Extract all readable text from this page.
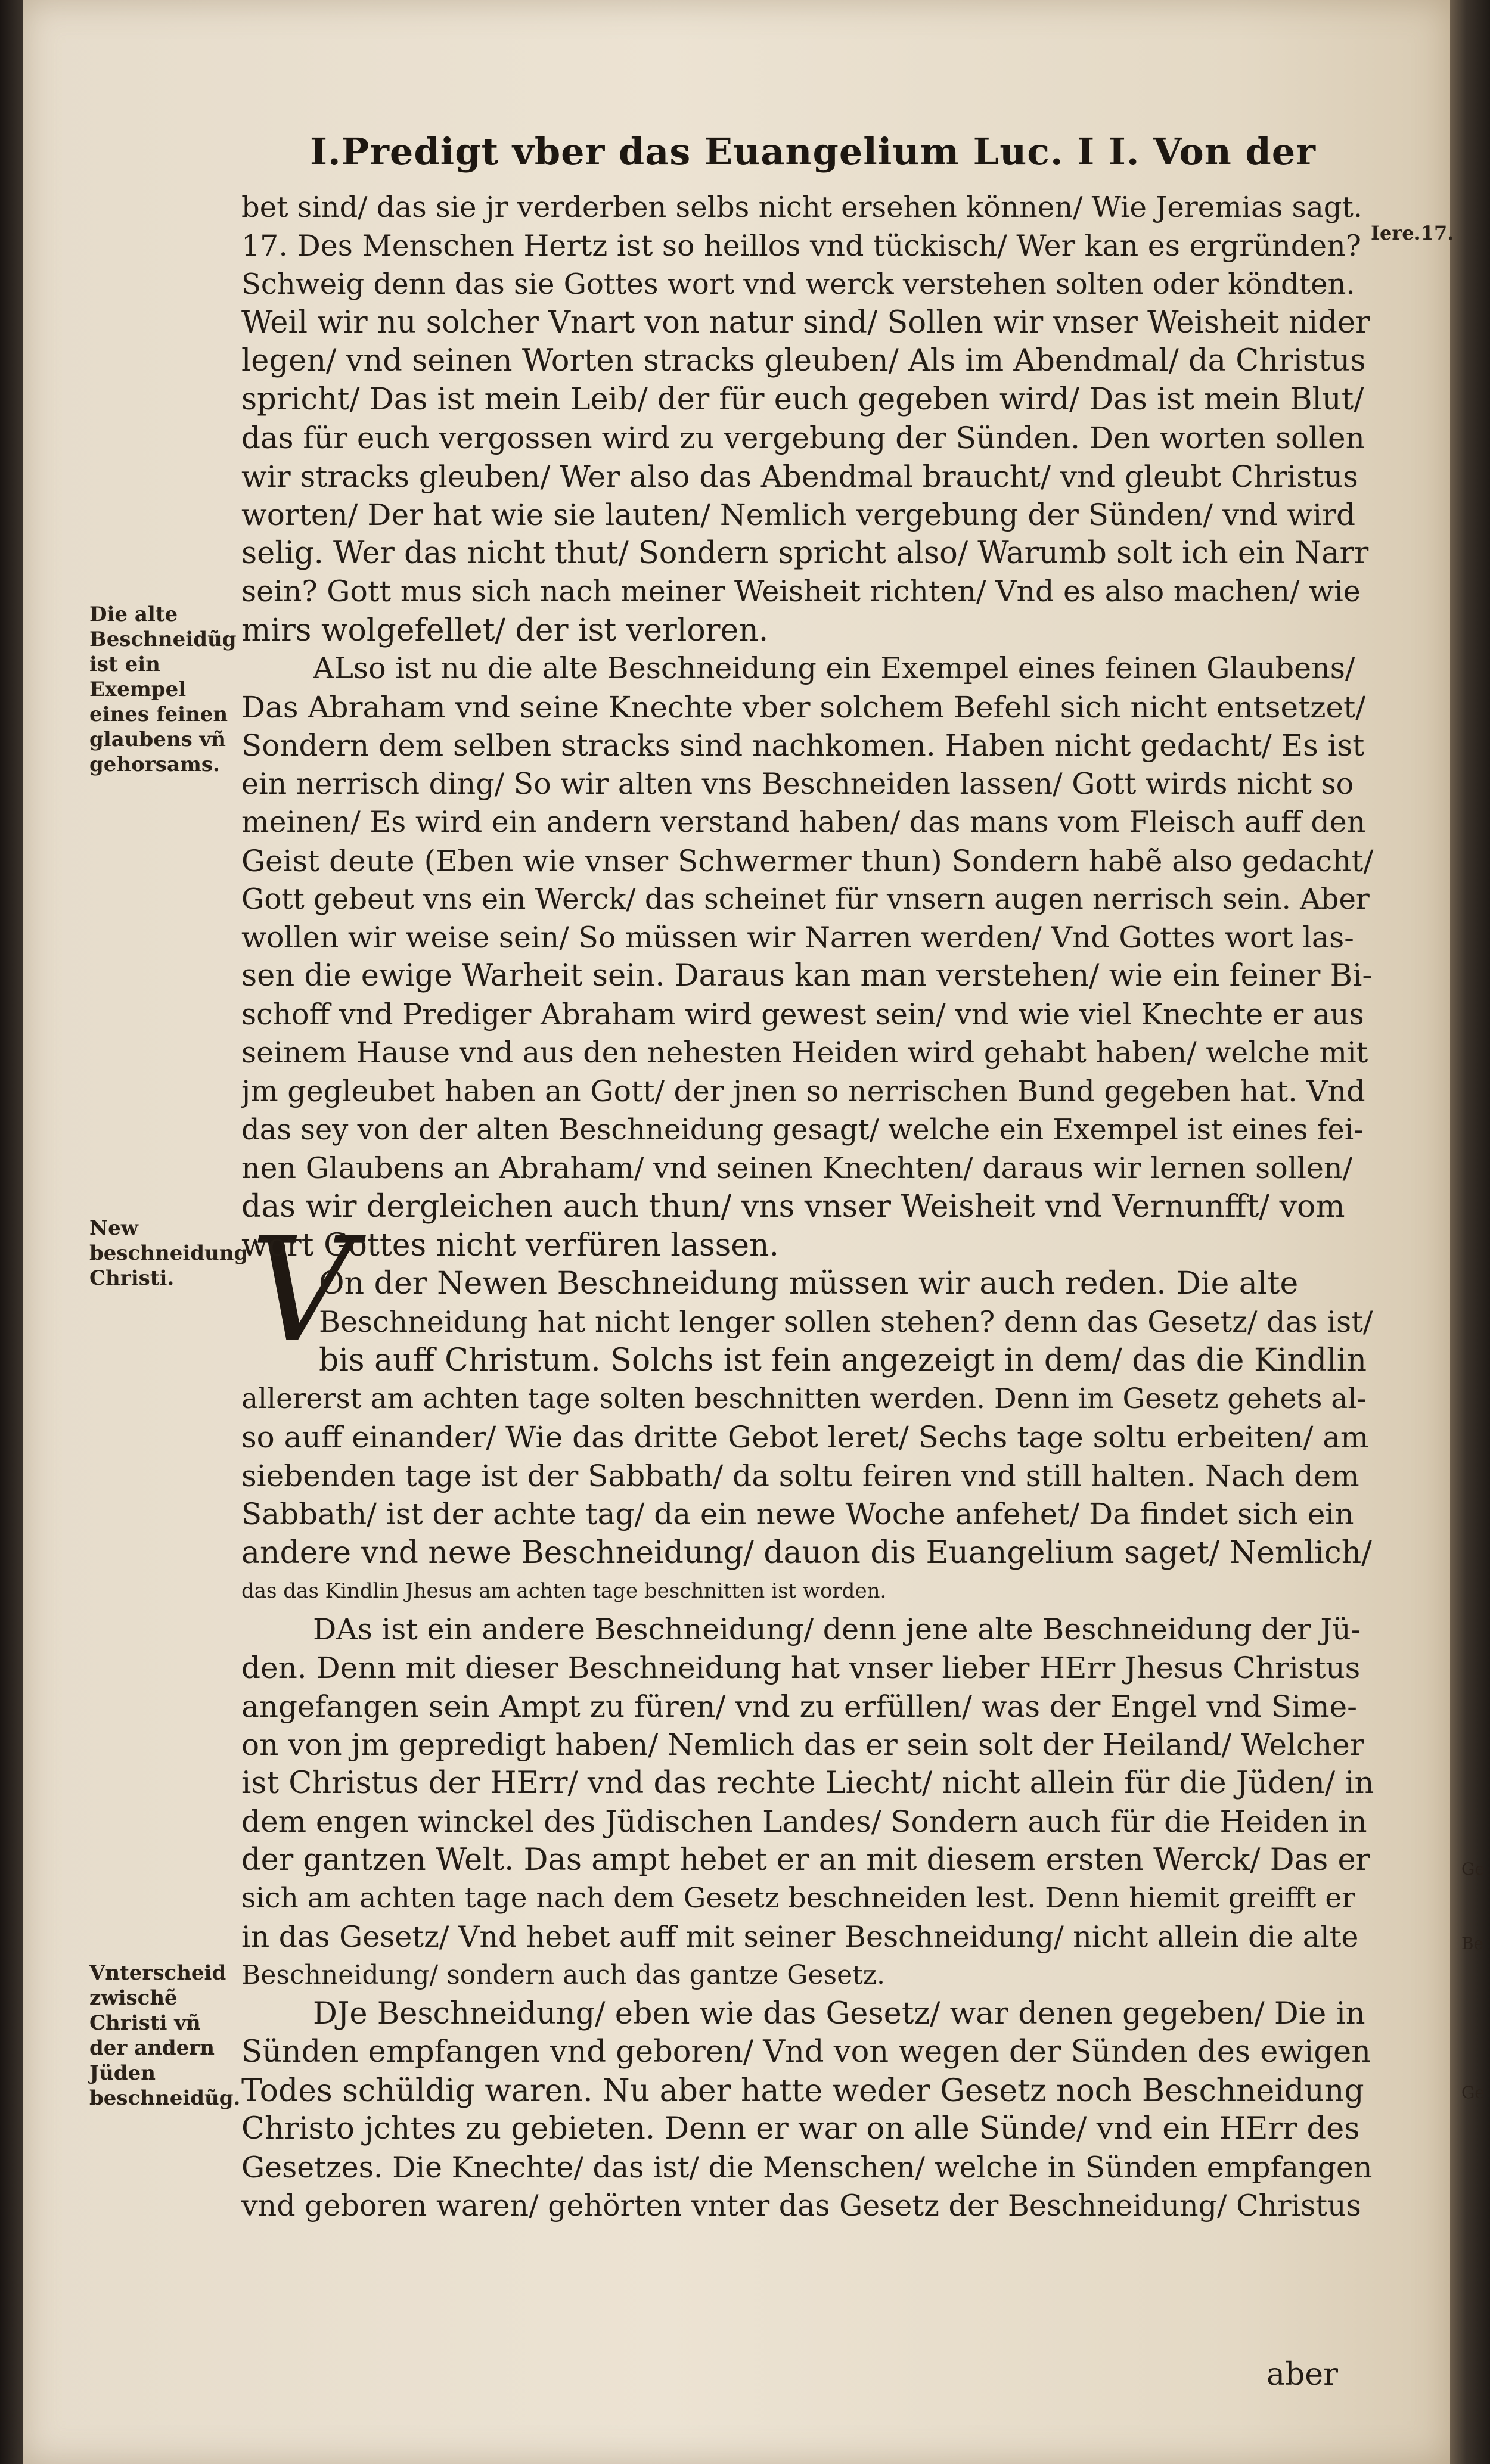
Ge
Be
Ge
I.Predigt vber das Euangelium Luc. I I. Von der
Iere.17.
Die alte Beschneidũg ist ein Exempel eines feinen glaubens vñ gehorsams.
New beschneidung Christi.
Vnterscheid zwischẽ Christi vñ der andern Jüden beschneidũg.
V
bet sind/ das sie jr verderben selbs nicht ersehen können/ Wie Jeremias sagt.
17. Des Menschen Hertz ist so heillos vnd tückisch/ Wer kan es ergründen?
Schweig denn das sie Gottes wort vnd werck verstehen solten oder köndten.
Weil wir nu solcher Vnart von natur sind/ Sollen wir vnser Weisheit nider
legen/ vnd seinen Worten stracks gleuben/ Als im Abendmal/ da Christus
spricht/ Das ist mein Leib/ der für euch gegeben wird/ Das ist mein Blut/
das für euch vergossen wird zu vergebung der Sünden. Den worten sollen
wir stracks gleuben/ Wer also das Abendmal braucht/ vnd gleubt Christus
worten/ Der hat wie sie lauten/ Nemlich vergebung der Sünden/ vnd wird
selig. Wer das nicht thut/ Sondern spricht also/ Warumb solt ich ein Narr
sein? Gott mus sich nach meiner Weisheit richten/ Vnd es also machen/ wie
mirs wolgefellet/ der ist verloren.
ALso ist nu die alte Beschneidung ein Exempel eines feinen Glaubens/
Das Abraham vnd seine Knechte vber solchem Befehl sich nicht entsetzet/
Sondern dem selben stracks sind nachkomen. Haben nicht gedacht/ Es ist
ein nerrisch ding/ So wir alten vns Beschneiden lassen/ Gott wirds nicht so
meinen/ Es wird ein andern verstand haben/ das mans vom Fleisch auff den
Geist deute (Eben wie vnser Schwermer thun) Sondern habẽ also gedacht/
Gott gebeut vns ein Werck/ das scheinet für vnsern augen nerrisch sein. Aber
wollen wir weise sein/ So müssen wir Narren werden/ Vnd Gottes wort las-
sen die ewige Warheit sein. Daraus kan man verstehen/ wie ein feiner Bi-
schoff vnd Prediger Abraham wird gewest sein/ vnd wie viel Knechte er aus
seinem Hause vnd aus den nehesten Heiden wird gehabt haben/ welche mit
jm gegleubet haben an Gott/ der jnen so nerrischen Bund gegeben hat. Vnd
das sey von der alten Beschneidung gesagt/ welche ein Exempel ist eines fei-
nen Glaubens an Abraham/ vnd seinen Knechten/ daraus wir lernen sollen/
das wir dergleichen auch thun/ vns vnser Weisheit vnd Vernunfft/ vom
wort Gottes nicht verfüren lassen.
On der Newen Beschneidung müssen wir auch reden. Die alte
Beschneidung hat nicht lenger sollen stehen? denn das Gesetz/ das ist/
bis auff Christum. Solchs ist fein angezeigt in dem/ das die Kindlin
allererst am achten tage solten beschnitten werden. Denn im Gesetz gehets al-
so auff einander/ Wie das dritte Gebot leret/ Sechs tage soltu erbeiten/ am
siebenden tage ist der Sabbath/ da soltu feiren vnd still halten. Nach dem
Sabbath/ ist der achte tag/ da ein newe Woche anfehet/ Da findet sich ein
andere vnd newe Beschneidung/ dauon dis Euangelium saget/ Nemlich/
das das Kindlin Jhesus am achten tage beschnitten ist worden.
DAs ist ein andere Beschneidung/ denn jene alte Beschneidung der Jü-
den. Denn mit dieser Beschneidung hat vnser lieber HErr Jhesus Christus
angefangen sein Ampt zu füren/ vnd zu erfüllen/ was der Engel vnd Sime-
on von jm gepredigt haben/ Nemlich das er sein solt der Heiland/ Welcher
ist Christus der HErr/ vnd das rechte Liecht/ nicht allein für die Jüden/ in
dem engen winckel des Jüdischen Landes/ Sondern auch für die Heiden in
der gantzen Welt. Das ampt hebet er an mit diesem ersten Werck/ Das er
sich am achten tage nach dem Gesetz beschneiden lest. Denn hiemit greifft er
in das Gesetz/ Vnd hebet auff mit seiner Beschneidung/ nicht allein die alte
Beschneidung/ sondern auch das gantze Gesetz.
DJe Beschneidung/ eben wie das Gesetz/ war denen gegeben/ Die in
Sünden empfangen vnd geboren/ Vnd von wegen der Sünden des ewigen
Todes schüldig waren. Nu aber hatte weder Gesetz noch Beschneidung
Christo jchtes zu gebieten. Denn er war on alle Sünde/ vnd ein HErr des
Gesetzes. Die Knechte/ das ist/ die Menschen/ welche in Sünden empfangen
vnd geboren waren/ gehörten vnter das Gesetz der Beschneidung/ Christus
aber
